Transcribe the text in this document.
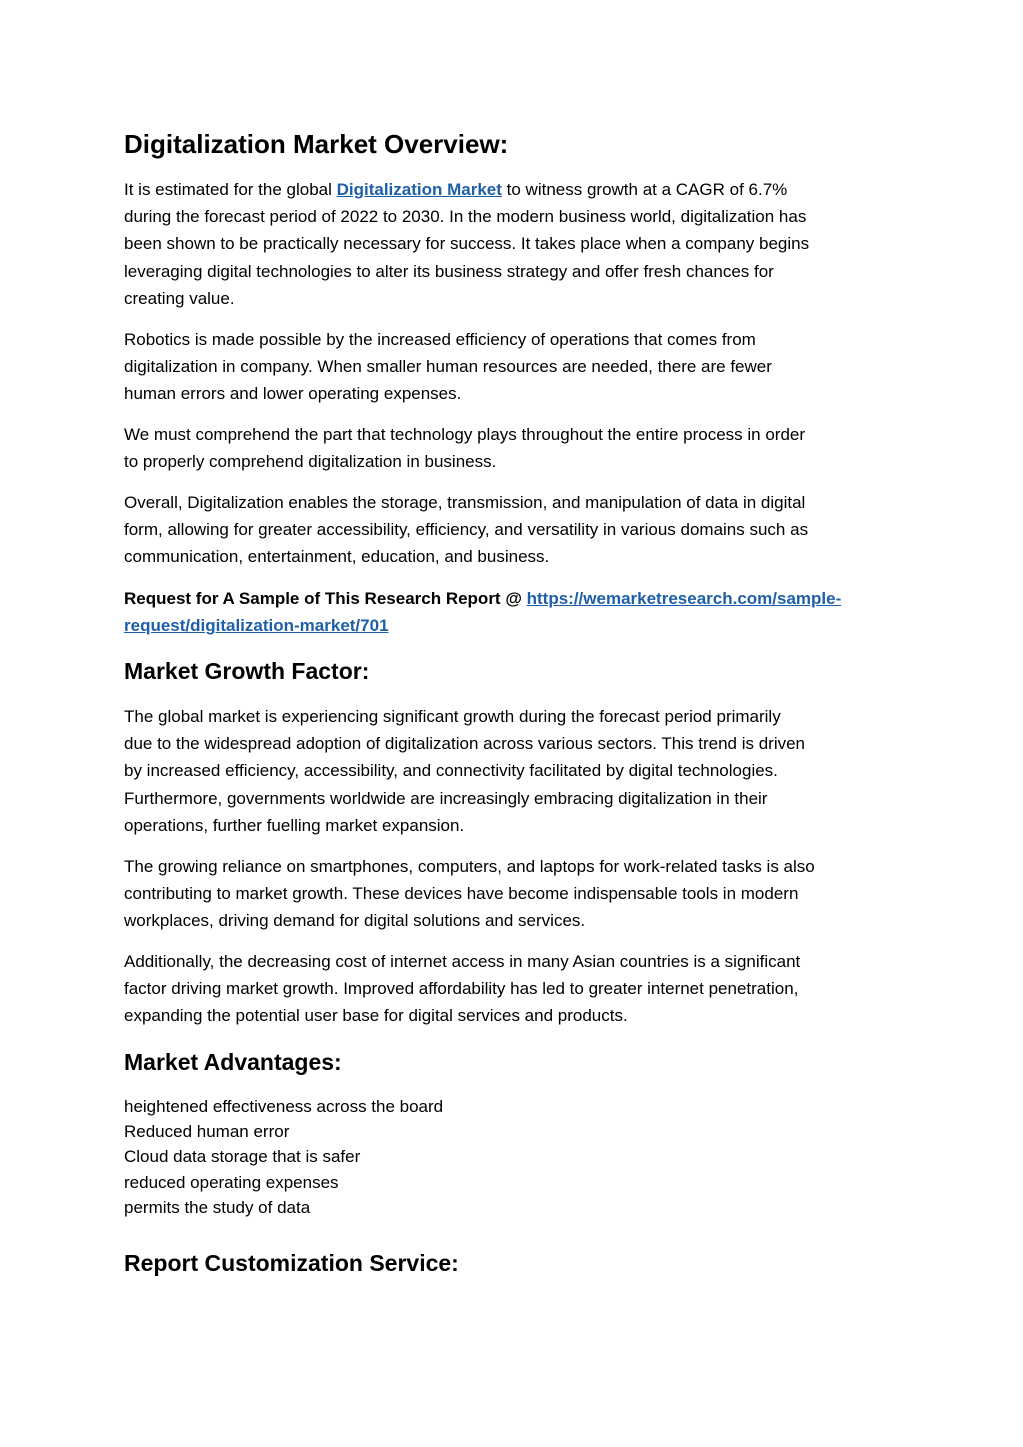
Digitalization Market Overview:
It is estimated for the global Digitalization Market to witness growth at a CAGR of 6.7%
during the forecast period of 2022 to 2030. In the modern business world, digitalization has
been shown to be practically necessary for success. It takes place when a company begins
leveraging digital technologies to alter its business strategy and offer fresh chances for
creating value.
Robotics is made possible by the increased efficiency of operations that comes from
digitalization in company. When smaller human resources are needed, there are fewer
human errors and lower operating expenses.
We must comprehend the part that technology plays throughout the entire process in order
to properly comprehend digitalization in business.
Overall, Digitalization enables the storage, transmission, and manipulation of data in digital
form, allowing for greater accessibility, efficiency, and versatility in various domains such as
communication, entertainment, education, and business.
Request for A Sample of This Research Report @ https://wemarketresearch.com/sample-
request/digitalization-market/701
Market Growth Factor:
The global market is experiencing significant growth during the forecast period primarily
due to the widespread adoption of digitalization across various sectors. This trend is driven
by increased efficiency, accessibility, and connectivity facilitated by digital technologies.
Furthermore, governments worldwide are increasingly embracing digitalization in their
operations, further fuelling market expansion.
The growing reliance on smartphones, computers, and laptops for work-related tasks is also
contributing to market growth. These devices have become indispensable tools in modern
workplaces, driving demand for digital solutions and services.
Additionally, the decreasing cost of internet access in many Asian countries is a significant
factor driving market growth. Improved affordability has led to greater internet penetration,
expanding the potential user base for digital services and products.
Market Advantages:
heightened effectiveness across the board
Reduced human error
Cloud data storage that is safer
reduced operating expenses
permits the study of data
Report Customization Service:
